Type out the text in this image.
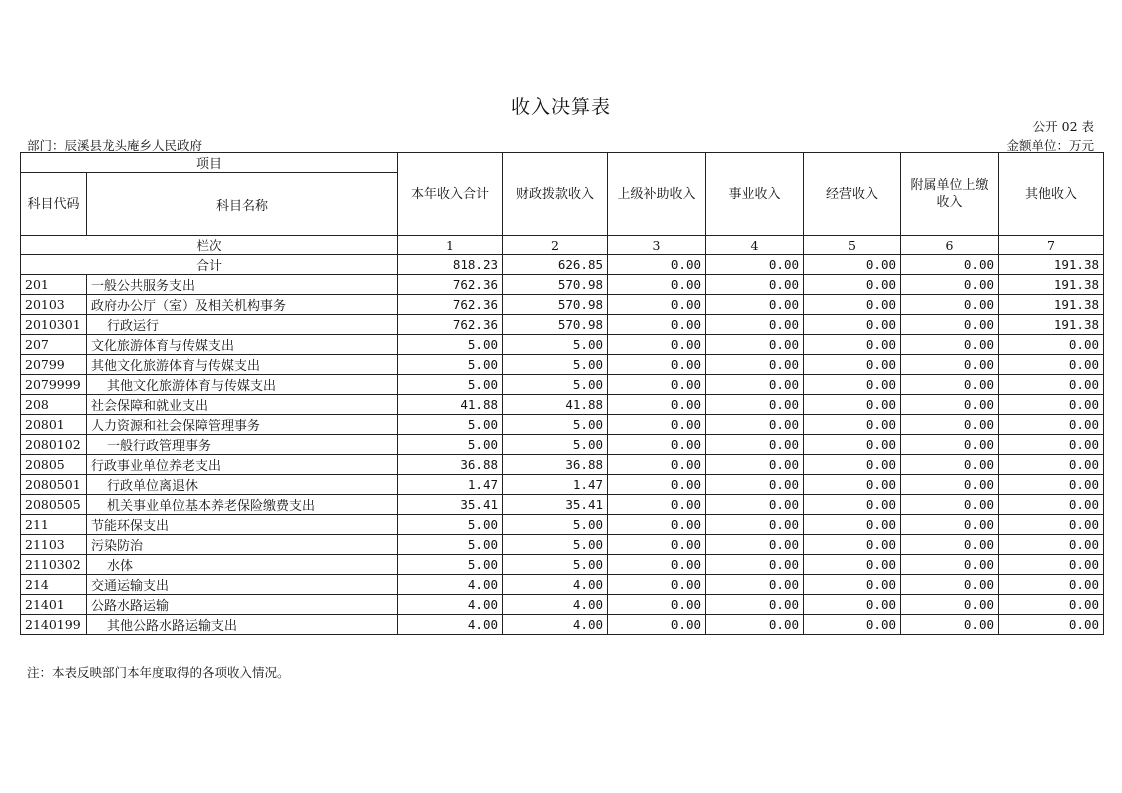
收入决算表
公开 02 表
部门：辰溪县龙头庵乡人民政府	金额单位：万元
项目		本年收入合计	财政拨款收入	上级补助收入	事业收入	经营收入	附属单位上缴收入	其他收入
科目代码	科目名称							
栏次		1	2	3	4	5	6	7
合计		818.23	626.85	0.00	0.00	0.00	0.00	191.38
201	一般公共服务支出	762.36	570.98	0.00	0.00	0.00	0.00	191.38
20103	政府办公厅（室）及相关机构事务	762.36	570.98	0.00	0.00	0.00	0.00	191.38
2010301	行政运行	762.36	570.98	0.00	0.00	0.00	0.00	191.38
207	文化旅游体育与传媒支出	5.00	5.00	0.00	0.00	0.00	0.00	0.00
20799	其他文化旅游体育与传媒支出	5.00	5.00	0.00	0.00	0.00	0.00	0.00
2079999	其他文化旅游体育与传媒支出	5.00	5.00	0.00	0.00	0.00	0.00	0.00
208	社会保障和就业支出	41.88	41.88	0.00	0.00	0.00	0.00	0.00
20801	人力资源和社会保障管理事务	5.00	5.00	0.00	0.00	0.00	0.00	0.00
2080102	一般行政管理事务	5.00	5.00	0.00	0.00	0.00	0.00	0.00
20805	行政事业单位养老支出	36.88	36.88	0.00	0.00	0.00	0.00	0.00
2080501	行政单位离退休	1.47	1.47	0.00	0.00	0.00	0.00	0.00
2080505	机关事业单位基本养老保险缴费支出	35.41	35.41	0.00	0.00	0.00	0.00	0.00
211	节能环保支出	5.00	5.00	0.00	0.00	0.00	0.00	0.00
21103	污染防治	5.00	5.00	0.00	0.00	0.00	0.00	0.00
2110302	水体	5.00	5.00	0.00	0.00	0.00	0.00	0.00
214	交通运输支出	4.00	4.00	0.00	0.00	0.00	0.00	0.00
21401	公路水路运输	4.00	4.00	0.00	0.00	0.00	0.00	0.00
2140199	其他公路水路运输支出	4.00	4.00	0.00	0.00	0.00	0.00	0.00
注：本表反映部门本年度取得的各项收入情况。
